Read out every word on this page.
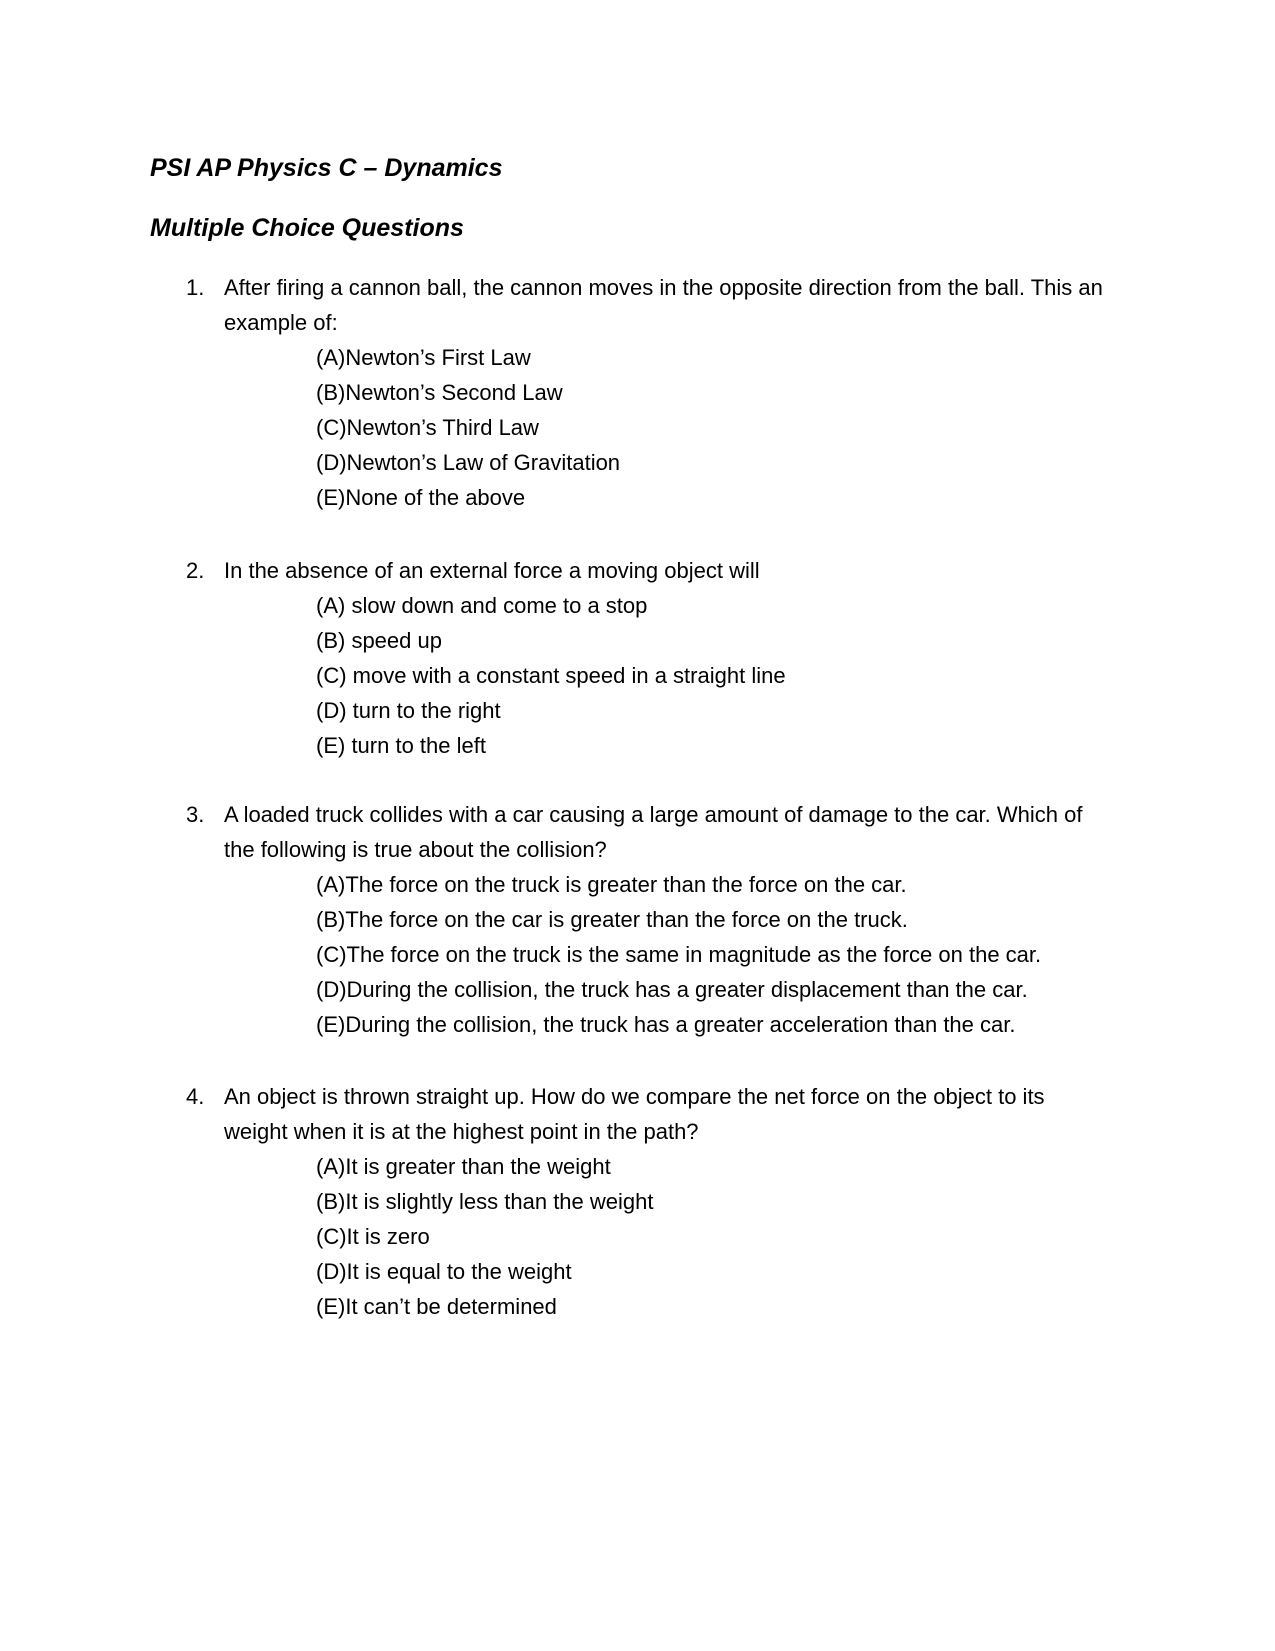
PSI AP Physics C – Dynamics
Multiple Choice Questions
1. After firing a cannon ball, the cannon moves in the opposite direction from the ball. This an example of:
(A)Newton’s First Law
(B)Newton’s Second Law
(C)Newton’s Third Law
(D)Newton’s Law of Gravitation
(E)None of the above
2. In the absence of an external force a moving object will
(A) slow down and come to a stop
(B) speed up
(C) move with a constant speed in a straight line
(D) turn to the right
(E) turn to the left
3. A loaded truck collides with a car causing a large amount of damage to the car. Which of the following is true about the collision?
(A)The force on the truck is greater than the force on the car.
(B)The force on the car is greater than the force on the truck.
(C)The force on the truck is the same in magnitude as the force on the car.
(D)During the collision, the truck has a greater displacement than the car.
(E)During the collision, the truck has a greater acceleration than the car.
4. An object is thrown straight up. How do we compare the net force on the object to its weight when it is at the highest point in the path?
(A)It is greater than the weight
(B)It is slightly less than the weight
(C)It is zero
(D)It is equal to the weight
(E)It can’t be determined
